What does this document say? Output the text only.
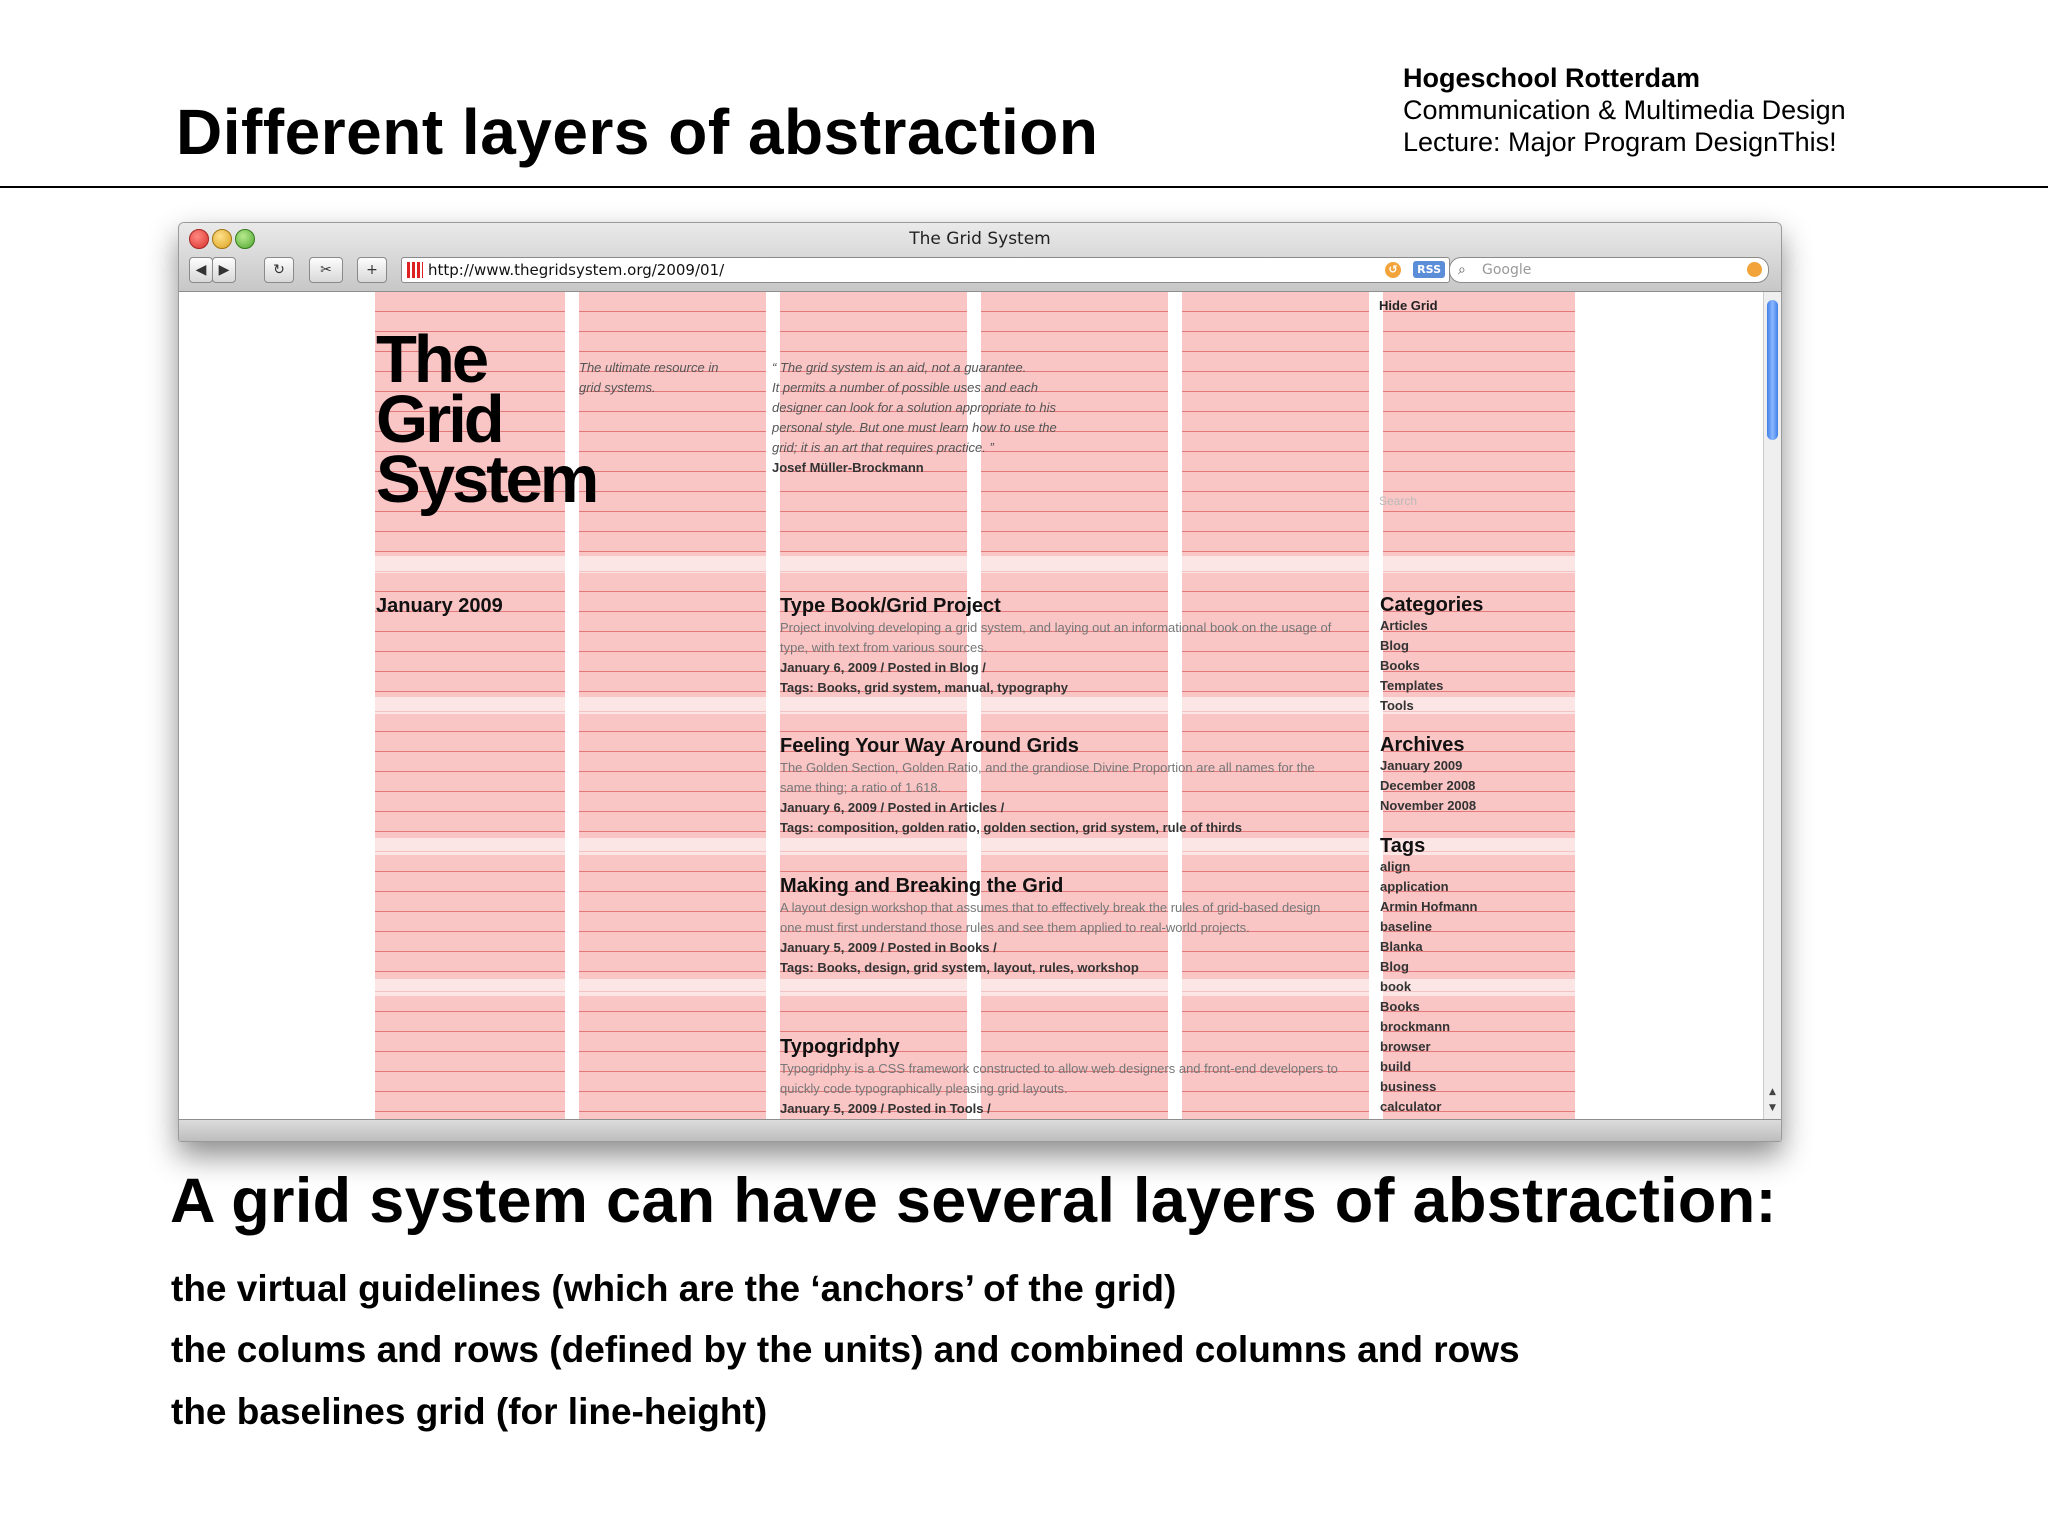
Different layers of abstraction
Hogeschool Rotterdam
Communication & Multimedia Design
Lecture: Major Program DesignThis!
The Grid System
◀ ▶	↻	✂	+	http://www.thegridsystem.org/2009/01/	↺	RSS ⌕ Google
Hide Grid
The
Grid
System
The ultimate resource in grid systems.
“ The grid system is an aid, not a guarantee.
It permits a number of possible uses and each
designer can look for a solution appropriate to his
personal style. But one must learn how to use the
grid; it is an art that requires practice. ”
Josef Müller-Brockmann
Search
January 2009	Type Book/Grid Project
Project involving developing a grid system, and laying out an informational book on the usage of type, with text from various sources.
January 6, 2009 / Posted in Blog /
Tags: Books, grid system, manual, typography
Feeling Your Way Around Grids
The Golden Section, Golden Ratio, and the grandiose Divine Proportion are all names for the same thing; a ratio of 1.618.
January 6, 2009 / Posted in Articles /
Tags: composition, golden ratio, golden section, grid system, rule of thirds
Making and Breaking the Grid
A layout design workshop that assumes that to effectively break the rules of grid-based design one must first understand those rules and see them applied to real-world projects.
January 5, 2009 / Posted in Books /
Tags: Books, design, grid system, layout, rules, workshop
Typogridphy
Typogridphy is a CSS framework constructed to allow web designers and front-end developers to quickly code typographically pleasing grid layouts.
January 5, 2009 / Posted in Tools /
Categories
Articles
Blog
Books
Templates
Tools
Archives
January 2009
December 2008
November 2008
Tags
align
application
Armin Hofmann
baseline
Blanka
Blog
book
Books
brockmann
browser
build
business
calculator
▲
▼
A grid system can have several layers of abstraction:

the virtual guidelines (which are the ‘anchors’ of the grid)

the colums and rows (defined by the units) and combined columns and rows

the baselines grid (for line-height)
